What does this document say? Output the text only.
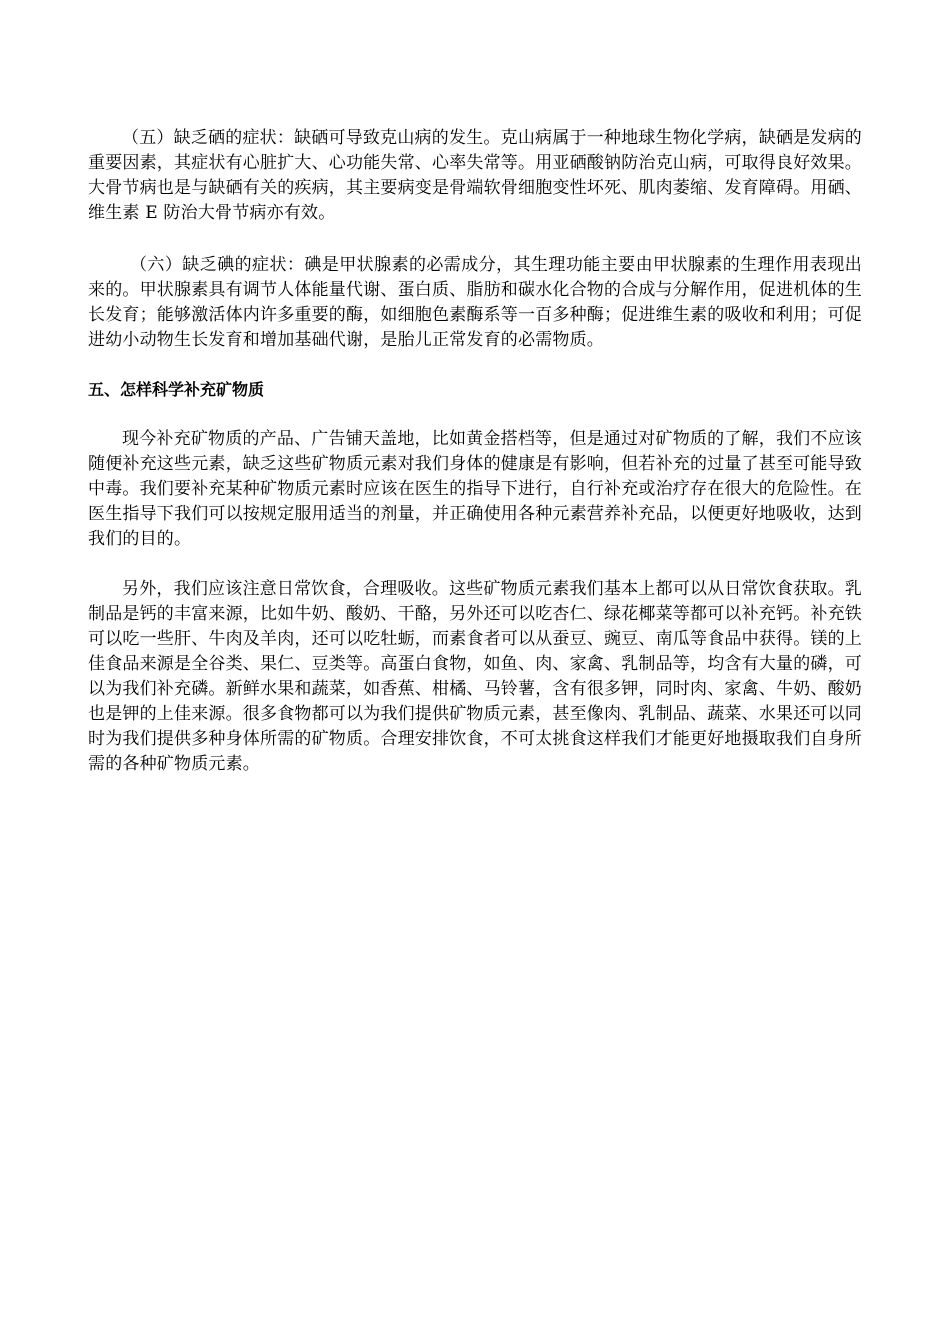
（五）缺乏硒的症状：缺硒可导致克山病的发生。克山病属于一种地球生物化学病，缺硒是发病的重要因素，其症状有心脏扩大、心功能失常、心率失常等。用亚硒酸钠防治克山病，可取得良好效果。大骨节病也是与缺硒有关的疾病，其主要病变是骨端软骨细胞变性坏死、肌肉萎缩、发育障碍。用硒、维生素 E 防治大骨节病亦有效。

（六）缺乏碘的症状：碘是甲状腺素的必需成分，其生理功能主要由甲状腺素的生理作用表现出来的。甲状腺素具有调节人体能量代谢、蛋白质、脂肪和碳水化合物的合成与分解作用，促进机体的生长发育；能够激活体内许多重要的酶，如细胞色素酶系等一百多种酶；促进维生素的吸收和利用；可促进幼小动物生长发育和增加基础代谢，是胎儿正常发育的必需物质。

五、怎样科学补充矿物质

现今补充矿物质的产品、广告铺天盖地，比如黄金搭档等，但是通过对矿物质的了解，我们不应该随便补充这些元素，缺乏这些矿物质元素对我们身体的健康是有影响，但若补充的过量了甚至可能导致中毒。我们要补充某种矿物质元素时应该在医生的指导下进行，自行补充或治疗存在很大的危险性。在医生指导下我们可以按规定服用适当的剂量，并正确使用各种元素营养补充品，以便更好地吸收，达到我们的目的。

另外，我们应该注意日常饮食，合理吸收。这些矿物质元素我们基本上都可以从日常饮食获取。乳制品是钙的丰富来源，比如牛奶、酸奶、干酪，另外还可以吃杏仁、绿花椰菜等都可以补充钙。补充铁可以吃一些肝、牛肉及羊肉，还可以吃牡蛎，而素食者可以从蚕豆、豌豆、南瓜等食品中获得。镁的上佳食品来源是全谷类、果仁、豆类等。高蛋白食物，如鱼、肉、家禽、乳制品等，均含有大量的磷，可以为我们补充磷。新鲜水果和蔬菜，如香蕉、柑橘、马铃薯，含有很多钾，同时肉、家禽、牛奶、酸奶也是钾的上佳来源。很多食物都可以为我们提供矿物质元素，甚至像肉、乳制品、蔬菜、水果还可以同时为我们提供多种身体所需的矿物质。合理安排饮食，不可太挑食这样我们才能更好地摄取我们自身所需的各种矿物质元素。
